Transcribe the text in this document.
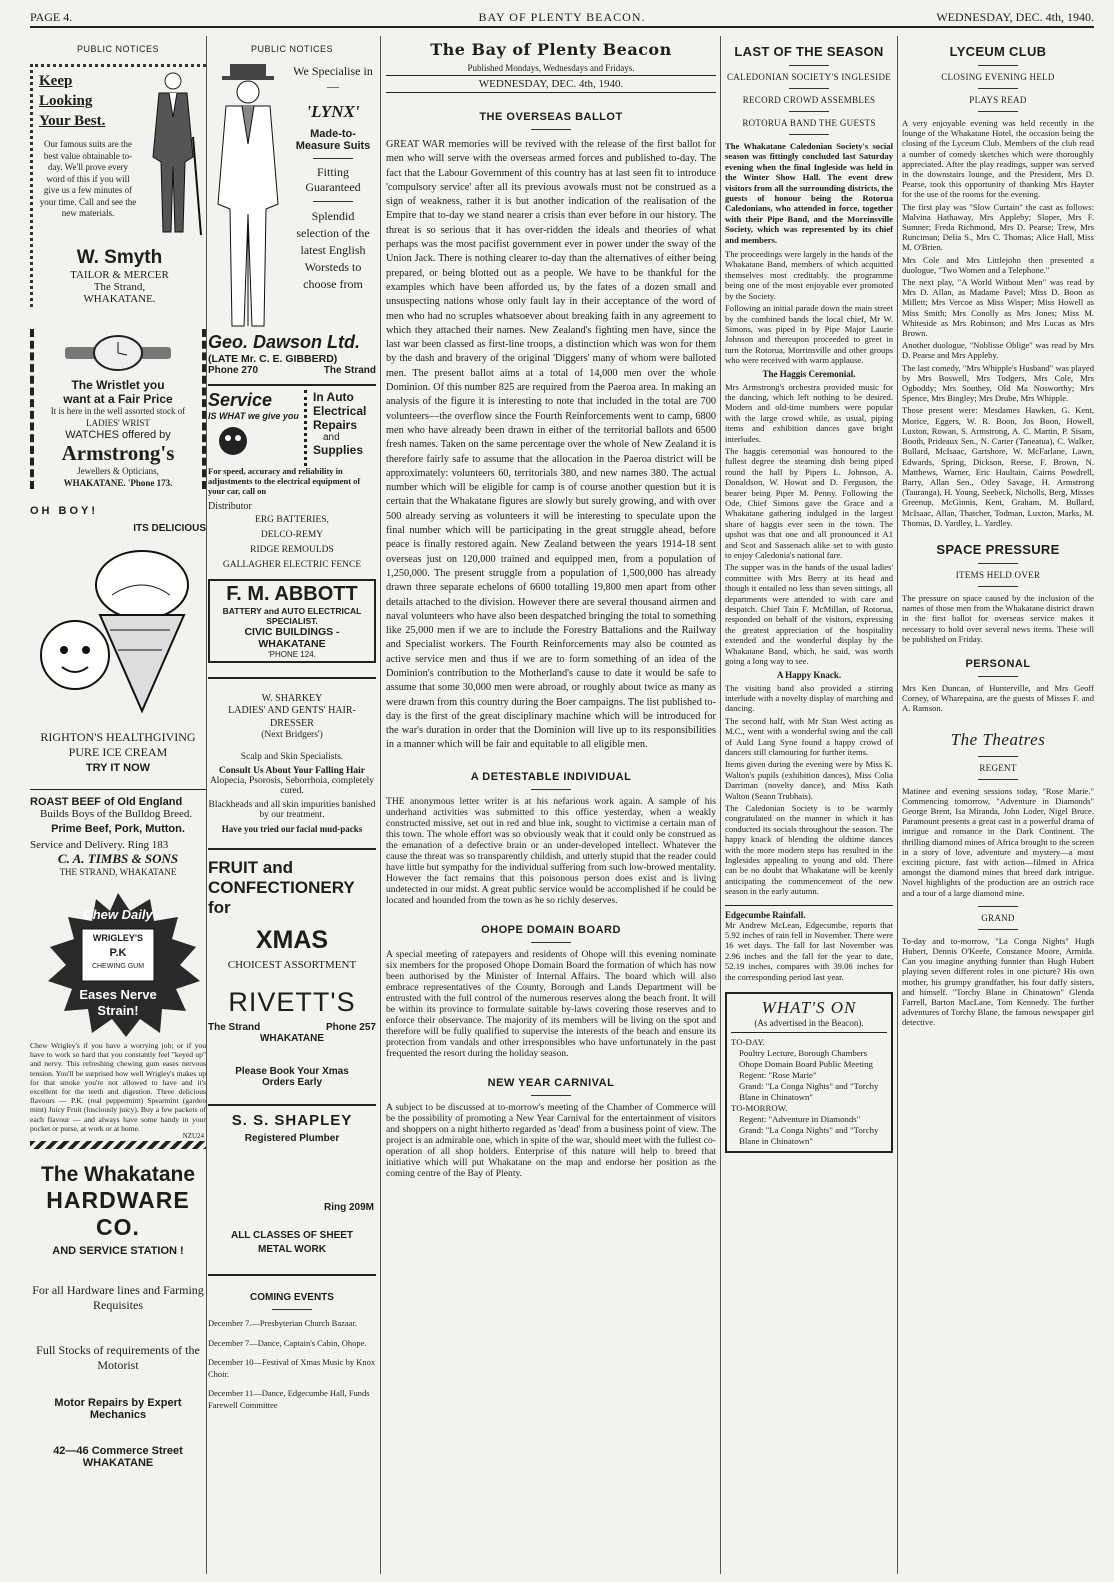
PAGE 4.	BAY OF PLENTY BEACON.	WEDNESDAY, DEC. 4th, 1940.
PUBLIC NOTICES
Keep
Looking
Your Best.
Our famous suits are the best value obtainable to-day. We'll prove every word of this if you will give us a few minutes of your time. Call and see the new materials.
W. Smyth
TAILOR & MERCER
The Strand,
WHAKATANE.
The Wristlet you
want at a Fair Price
It is here in the well assorted stock of LADIES' WRIST
WATCHES offered by
Armstrong's
Jewellers & Opticians,
WHAKATANE. 'Phone 173.
OH BOY!
ITS DELICIOUS
RIGHTON'S HEALTHGIVING
PURE ICE CREAM
TRY IT NOW
ROAST BEEF of Old England
Builds Boys of the Bulldog Breed.
Prime Beef, Pork, Mutton.
Service and Delivery. Ring 183
C. A. TIMBS & SONS
THE STRAND, WHAKATANE
Chew Daily
WRIGLEY'S
P.K
CHEWING GUM
Eases Nerve
Strain!
Chew Wrigley's if you have a worrying job; or if you have to work so hard that you constantly feel "keyed up" and nervy. This refreshing chewing gum eases nervous tension. You'll be surprised how well Wrigley's makes up for that smoke you're not allowed to have and it's excellent for the teeth and digestion. Three delicious flavours — P.K. (real peppermint) Spearmint (garden mint) Juicy Fruit (lusciously juicy). Buy a few packets of each flavour — and always have some handy in your pocket or purse, at work or at home.
NZU24
The Whakatane
HARDWARE CO.
AND SERVICE STATION !
For all Hardware lines and Farming Requisites
Full Stocks of requirements of the Motorist
Motor Repairs by Expert Mechanics
42—46 Commerce Street
WHAKATANE
PUBLIC NOTICES
We Specialise in—
'LYNX'
Made-to-Measure Suits
Fitting Guaranteed
Splendid selection of the latest English Worsteds to choose from
Geo. Dawson Ltd.
(LATE Mr. C. E. GIBBERD)
Phone 270	The Strand
Service
IS WHAT we give you
In Auto
Electrical
Repairs
and
Supplies
For speed, accuracy and reliability in adjustments to the electrical equipment of your car, call on
Distributor
ERG BATTERIES,
DELCO-REMY
RIDGE REMOULDS
GALLAGHER ELECTRIC FENCE
F. M. ABBOTT
BATTERY and AUTO ELECTRICAL SPECIALIST.
CIVIC BUILDINGS - WHAKATANE
'PHONE 124.
W. SHARKEY
LADIES' AND GENTS' HAIR-DRESSER
(Next Bridgers')
Scalp and Skin Specialists.
Consult Us About Your Falling Hair
Alopecia, Psorosis, Seborrhoia, completely cured.
Blackheads and all skin impurities banished by our treatment.
Have you tried our facial mud-packs
FRUIT and
CONFECTIONERY for
XMAS
CHOICEST ASSORTMENT
RIVETT'S
The Strand	Phone 257
WHAKATANE
Please Book Your Xmas
Orders Early
S. S. SHAPLEY
Registered Plumber
Ring 209M
ALL CLASSES OF SHEET
METAL WORK
COMING EVENTS
December 7.—Presbyterian Church Bazaar.
December 7—Dance, Captain's Cabin, Ohope.
December 10—Festival of Xmas Music by Knox Choir.
December 11—Dance, Edgecumbe Hall, Funds Farewell Committee
The Bay of Plenty Beacon
Published Mondays, Wednesdays and Fridays.
WEDNESDAY, DEC. 4th, 1940.
THE OVERSEAS BALLOT
GREAT WAR memories will be revived with the release of the first ballot for men who will serve with the overseas armed forces and published to-day. The fact that the Labour Government of this country has at last seen fit to introduce 'compulsory service' after all its previous avowals must not be construed as a sign of weakness, rather it is but another indication of the realisation of the Empire that to-day we stand nearer a crisis than ever before in our history. The threat is so serious that it has over-ridden the ideals and theories of what perhaps was the most pacifist government ever in power under the sway of the Union Jack. There is nothing clearer to-day than the alternatives of either being prepared, or being blotted out as a people. We have to be thankful for the examples which have been afforded us, by the fates of a dozen small and unsuspecting nations whose only fault lay in their acceptance of the word of men who had no scruples whatsoever about breaking faith in any agreement to which they attached their names. New Zealand's fighting men have, since the last war been classed as first-line troops, a distinction which was won for them by the dash and bravery of the original 'Diggers' many of whom were balloted men. The present ballot aims at a total of 14,000 men over the whole Dominion. Of this number 825 are required from the Paeroa area. In making an analysis of the figure it is interesting to note that included in the total are 700 volunteers—the overflow since the Fourth Reinforcements went to camp, 6800 men who have already been drawn in either of the territorial ballots and 6500 fresh names. Taken on the same percentage over the whole of New Zealand it is therefore fairly safe to assume that the allocation in the Paeroa district will be approximately: volunteers 60, territorials 380, and new names 380. The actual number which will be eligible for camp is of course another question but it is certain that the Whakatane figures are slowly but surely growing, and with over 500 already serving as volunteers it will be interesting to speculate upon the final number which will be participating in the great struggle ahead, before peace is finally restored again. New Zealand between the years 1914-18 sent overseas just on 120,000 trained and equipped men, from a population of 1,250,000. The present struggle from a population of 1,500,000 has already drawn three separate echelons of 6600 totalling 19,800 men apart from other details attached to the division. However there are several thousand airmen and naval volunteers who have also been despatched bringing the total to something like 25,000 men if we are to include the Forestry Battalions and the Railway and Specialist workers. The Fourth Reinforcements may also be counted as active service men and thus if we are to form something of an idea of the Dominion's contribution to the Motherland's cause to date it would be safe to assume that some 30,000 men were abroad, or roughly about twice as many as were drawn from this country during the Boer campaigns. The list published to-day is the first of the great disciplinary machine which will be introduced for the war's duration in order that the Dominion will live up to its responsibilities in a manner which will be fair and equitable to all eligible men.
A DETESTABLE INDIVIDUAL
THE anonymous letter writer is at his nefarious work again. A sample of his underhand activities was submitted to this office yesterday, when a weakly constructed missive, set out in red and blue ink, sought to victimise a certain man of this town. The whole effort was so obviously weak that it could only be construed as the emanation of a defective brain or an under-developed intellect. Whatever the cause the threat was so transparently childish, and utterly stupid that the reader could have little but sympathy for the individual suffering from such low-browed mentality. However the fact remains that this poisonous person does exist and is living undetected in our midst. A great public service would be accomplished if he could be located and hounded from the town as he so richly deserves.
OHOPE DOMAIN BOARD
A special meeting of ratepayers and residents of Ohope will this evening nominate six members for the proposed Ohope Domain Board the formation of which has now been authorised by the Minister of Internal Affairs. The board which will also embrace representatives of the County, Borough and Lands Department will be entrusted with the full control of the numerous reserves along the beach front. It will be within its province to formulate suitable by-laws covering those reserves and to enforce their observance. The majority of its members will be living on the spot and therefore will be fully qualified to supervise the interests of the beach and ensure its protection from vandals and other irresponsibles who have unfortunately in the past frequented the resort during the holiday season.
NEW YEAR CARNIVAL
A subject to be discussed at to-morrow's meeting of the Chamber of Commerce will be the possibility of promoting a New Year Carnival for the entertainment of visitors and shoppers on a night hitherto regarded as 'dead' from a business point of view. The project is an admirable one, which in spite of the war, should meet with the fullest co-operation of all shop holders. Enterprise of this nature will help to breed that initiative which will put Whakatane on the map and endorse her position as the coming centre of the Bay of Plenty.
LAST OF THE SEASON
CALEDONIAN SOCIETY'S INGLESIDE
RECORD CROWD ASSEMBLES
ROTORUA BAND THE GUESTS
The Whakatane Caledonian Society's social season was fittingly concluded last Saturday evening when the final Ingleside was held in the Winter Show Hall. The event drew visitors from all the surrounding districts, the guests of honour being the Rotorua Caledonians, who attended in force, together with their Pipe Band, and the Morrinsville Society, which was represented by its chief and members.
The proceedings were largely in the hands of the Whakatane Band, members of which acquitted themselves most creditably. the programme being one of the most enjoyable ever promoted by the Society.
Following an initial parade down the main street by the combined bands the local chief, Mr W. Simons, was piped in by Pipe Major Laurie Johnson and thereupon proceeded to greet in turn the Rotorua, Morrinsville and other groups who were received with warm applause.
The Haggis Ceremonial.
Mrs Armstrong's orchestra provided music for the dancing, which left nothing to be desired. Modern and old-time numbers were popular with the large crowd while, as usual, piping items and exhibition dances gave bright interludes.
The haggis ceremonial was honoured to the fullest degree the steaming dish being piped round the hall by Pipers L. Johnson, A. Donaldson, W. Howat and D. Ferguson, the bearer being Piper M. Penny. Following the Ode, Chief Simons gave the Grace and a Whakatane gathering indulged in the largest share of haggis ever seen in the town. The upshot was that one and all pronounced it A1 and Scot and Sassenach alike set to with gusto to enjoy Caledonia's national fare.
The supper was in the hands of the usual ladies' committee with Mrs Berry at its head and though it entailed no less than seven sittings, all departments were attended to with care and despatch. Chief Tain F. McMillan, of Rotorua, responded on behalf of the visitors, expressing the greatest appreciation of the hospitality extended and the wonderful display by the Whakatane Band, which, he said, was worth going a long way to see.
A Happy Knack.
The visiting band also provided a stirring interlude with a novelty display of marching and dancing.
The second half, with Mr Stan West acting as M.C., went with a wonderful swing and the call of Auld Lang Syne found a happy crowd of dancers still clamouring for further items.
Items given during the evening were by Miss K. Walton's pupils (exhibition dances), Miss Colia Darriman (novelty dance), and Miss Kath Walton (Seann Trubhais).
The Caledonian Society is to be warmly congratulated on the manner in which it has conducted its socials throughout the season. The happy knack of blending the oldtime dances with the more modern steps has resulted in the Inglesides appealing to young and old. There can be no doubt that Whakatane will be keenly anticipating the commencement of the new season in the early autumn.
Edgecumbe Rainfall.
Mr Andrew McLean, Edgecumbe, reports that 5.92 inches of rain fell in November. There were 16 wet days. The fall for last November was 2.96 inches and the fall for the year to date, 52.19 inches, compares with 39.06 inches for the corresponding period last year.
WHAT'S ON
(As advertised in the Beacon).
TO-DAY.
Poultry Lecture, Borough Chambers
Ohope Domain Board Public Meeting
Regent: "Rose Marie"
Grand: "La Conga Nights" and "Torchy Blane in Chinatown"
TO-MORROW.
Regent: "Adventure in Diamonds"
Grand: "La Conga Nights" and "Torchy Blane in Chinatown"
LYCEUM CLUB
CLOSING EVENING HELD
PLAYS READ
A very enjoyable evening was held recently in the lounge of the Whakatane Hotel, the occasion being the closing of the Lyceum Club. Members of the club read a number of comedy sketches which were thoroughly appreciated. After the play readings, supper was served in the downstairs lounge, and the President, Mrs D. Pearse, took this opportunity of thanking Mrs Hayter for the use of the rooms for the evening.
The first play was "Slow Curtain" the cast as follows: Malvina Hathaway, Mrs Appleby; Sloper, Mrs F. Sumner; Freda Richmond, Mrs D. Pearse; Trew, Mrs Runciman; Delia S., Mrs C. Thomas; Alice Hall, Miss M. O'Brien.
Mrs Cole and Mrs Littlejohn then presented a duologue, "Two Women and a Telephone."
The next play, "A World Without Men" was read by Mrs D. Allan, as Madame Pavel; Miss D. Boon as Millett; Mrs Vercoe as Miss Wisper; Miss Howell as Miss Smith; Mrs Conolly as Mrs Jones; Miss M. Whiteside as Mrs Robinson; and Mrs Lucas as Mrs Brown.
Another duologue, "Noblisse Oblige" was read by Mrs D. Pearse and Mrs Appleby.
The last comedy, "Mrs Whipple's Husband" was played by Mrs Boswell, Mrs Todgers, Mrs Cole, Mrs Ogboddy; Mrs Southey, Old Ma Nosworthy; Mrs Spence, Mrs Bingley; Mrs Drube, Mrs Whipple.
Those present were: Mesdames Hawken, G. Kent, Morice, Eggers, W. R. Boon, Jos Boon, Howell, Luxton, Rowan, S. Armstrong, A. C. Martin, P. Sisam, Booth, Prideaux Sen., N. Carter (Taneatua), C. Walker, Bullard, McIsaac, Gartshore, W. McFarlane, Lawn, Edwards, Spring, Dickson, Reese, F. Brown, N. Matthews, Warner, Eric Haultain, Cairns Powdrell, Barry, Allan Sen., Otley Savage, H. Armstrong (Tauranga), H. Young, Seebeck, Nicholls, Berg, Misses Greenup, McGinnis, Kent, Graham, M. Bullard, McIsaac, Allan, Thatcher, Todman, Luxton, Marks, M. Thomas, D. Yardley, L. Yardley.
SPACE PRESSURE
ITEMS HELD OVER
The pressure on space caused by the inclusion of the names of those men from the Whakatane district drawn in the first ballot for overseas service makes it necessary to hold over several news items. These will be published on Friday.
PERSONAL
Mrs Ken Duncan, of Hunterville, and Mrs Geoff Corney, of Wharepaina, are the guests of Misses F. and A. Ramson.
The Theatres
REGENT
Matinee and evening sessions today, "Rose Marie." Commencing tomorrow, "Adventure in Diamonds" George Brent, Isa Miranda, John Loder, Nigel Bruce. Paramount presents a great cast in a powerful drama of intrigue and romance in the Dark Continent. The thrilling diamond mines of Africa brought to the screen in a story of love, adventure and mystery—a most exciting picture, fast with action—filmed in Africa amongst the diamond mines that breed dark intrigue. Novel highlights of the production are an ostrich race and a tour of a large diamond mine.
GRAND
To-day and to-morrow, "La Conga Nights" Hugh Hubert, Dennis O'Keefe, Constance Moore, Armida. Can you imagine anything funnier than Hugh Hubert playing seven different roles in one picture? His own mother, his grumpy grandfather, his four daffy sisters, and himself. "Torchy Blane in Chinatown" Glenda Farrell, Barton MacLane, Tom Kennedy. The further adventures of Torchy Blane, the famous newspaper girl detective.
